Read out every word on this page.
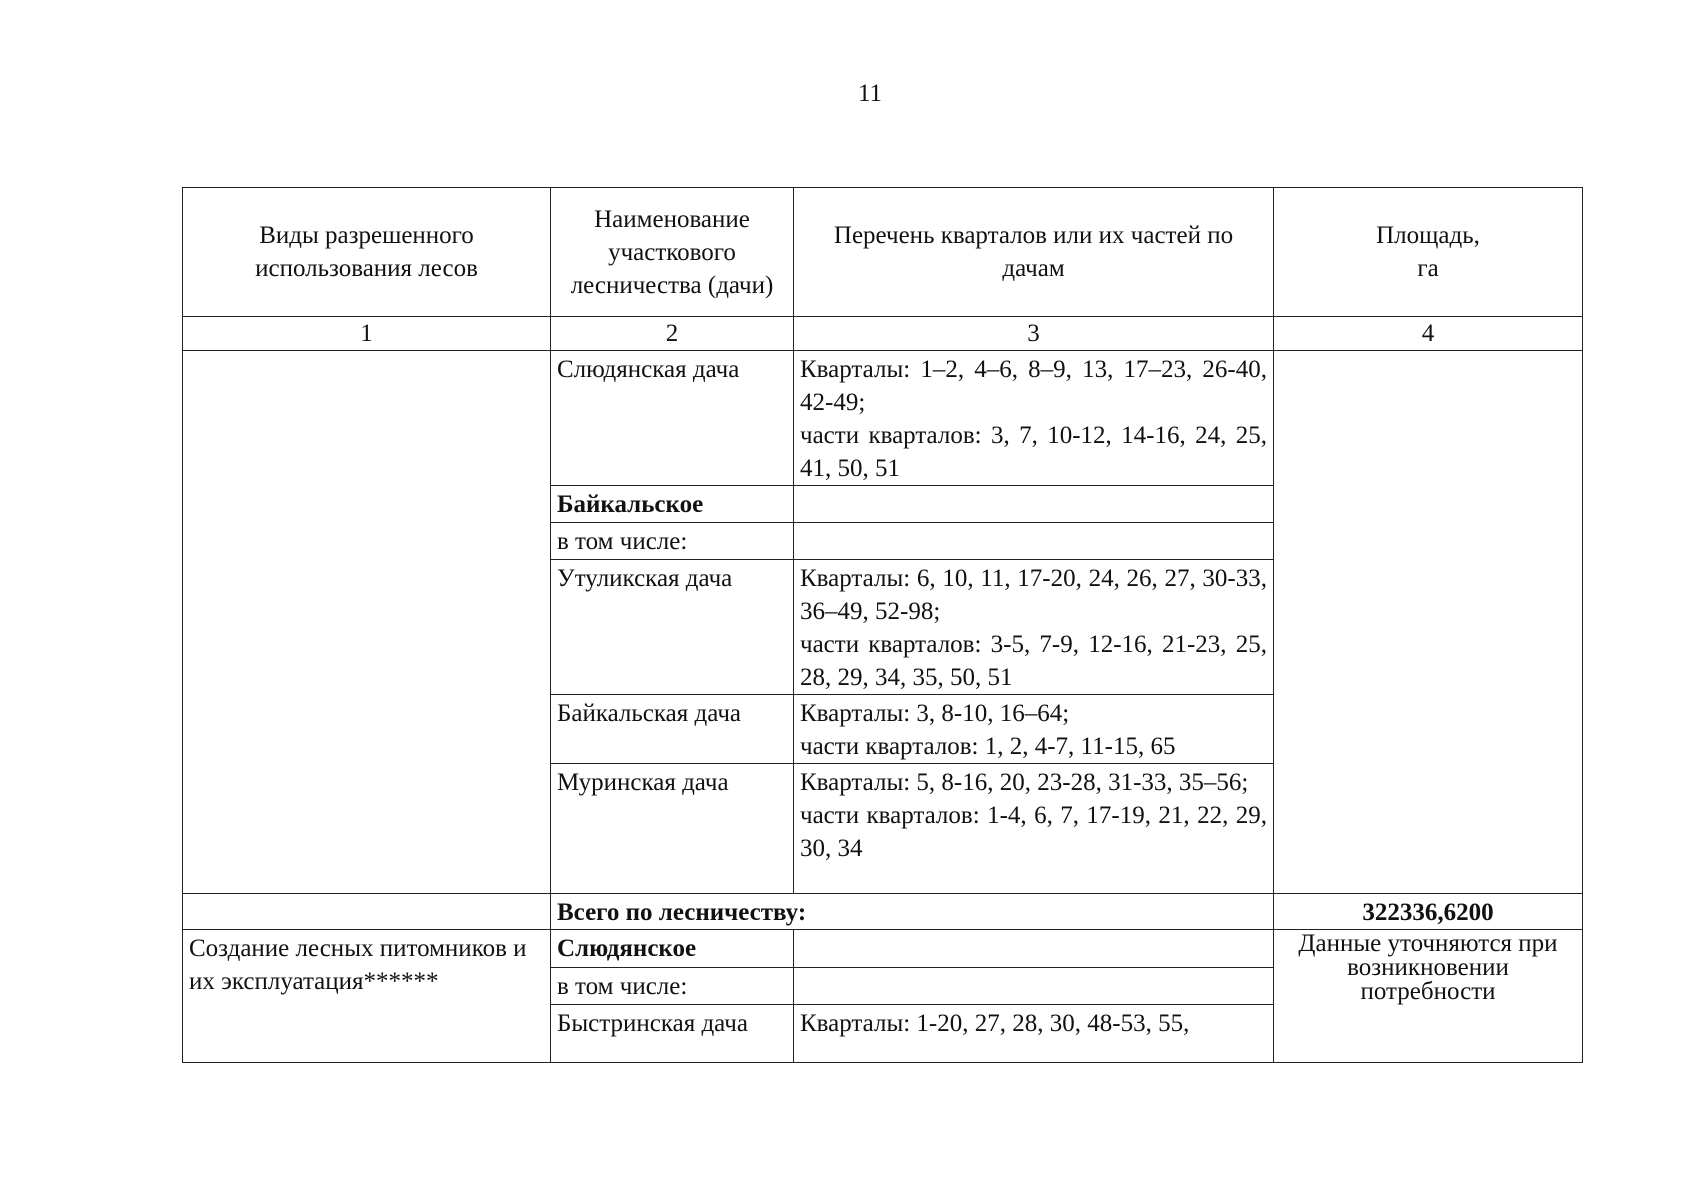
11
Виды разрешенного использования лесов	Наименование участкового лесничества (дачи)	Перечень кварталов или их частей по дачам	Площадь,
га

1	2	3	4
	Слюдянская дача	Кварталы: 1–2, 4–6, 8–9, 13, 17–23, 26-40, 42-49;
части кварталов: 3, 7, 10-12, 14-16, 24, 25, 41, 50, 51	

	Байкальское		
	в том числе:		
	Утуликская дача	Кварталы: 6, 10, 11, 17-20, 24, 26, 27, 30-33, 36–49, 52-98;
части кварталов: 3-5, 7-9, 12-16, 21-23, 25, 28, 29, 34, 35, 50, 51	

	Байкальская дача	Кварталы: 3, 8-10, 16–64;
части кварталов: 1, 2, 4-7, 11-15, 65	

	Муринская дача	Кварталы: 5, 8-16, 20, 23-28, 31-33, 35–56;
части кварталов: 1-4, 6, 7, 17-19, 21, 22, 29, 30, 34	

	Всего по лесничеству:		322336,6200
Создание лесных питомников и их эксплуатация******	Слюдянское		Данные уточняются при возникновении потребности
	в том числе:		
	Быстринская дача	Кварталы: 1-20, 27, 28, 30, 48-53, 55,	
